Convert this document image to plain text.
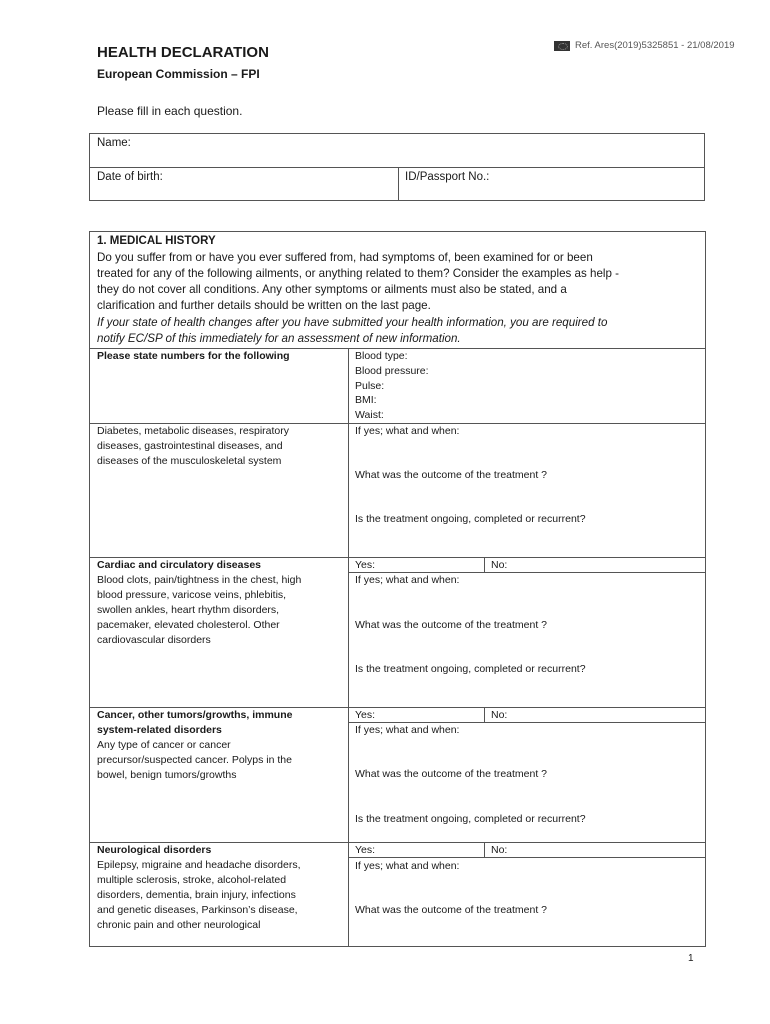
Ref. Ares(2019)5325851 - 21/08/2019
HEALTH DECLARATION
European Commission – FPI
Please fill in each question.
Name:
Date of birth:	ID/Passport No.:
1. MEDICAL HISTORY
Do you suffer from or have you ever suffered from, had symptoms of, been examined for or been
treated for any of the following ailments, or anything related to them? Consider the examples as help -
they do not cover all conditions. Any other symptoms or ailments must also be stated, and a
clarification and further details should be written on the last page.
If your state of health changes after you have submitted your health information, you are required to
notify EC/SP of this immediately for an assessment of new information.
Please state numbers for the following	Blood type:
Blood pressure:
Pulse:
BMI:
Waist:
Diabetes, metabolic diseases, respiratory
diseases, gastrointestinal diseases, and
diseases of the musculoskeletal system
If yes; what and when:
What was the outcome of the treatment ?
Is the treatment ongoing, completed or recurrent?
Cardiac and circulatory diseases
Blood clots, pain/tightness in the chest, high
blood pressure, varicose veins, phlebitis,
swollen ankles, heart rhythm disorders,
pacemaker, elevated cholesterol. Other
cardiovascular disorders
Yes:	No:
If yes; what and when:
What was the outcome of the treatment ?
Is the treatment ongoing, completed or recurrent?
Cancer, other tumors/growths, immune
system-related disorders
Any type of cancer or cancer
precursor/suspected cancer. Polyps in the
bowel, benign tumors/growths
Yes:	No:
If yes; what and when:
What was the outcome of the treatment ?
Is the treatment ongoing, completed or recurrent?
Neurological disorders
Epilepsy, migraine and headache disorders,
multiple sclerosis, stroke, alcohol-related
disorders, dementia, brain injury, infections
and genetic diseases, Parkinson’s disease,
chronic pain and other neurological
Yes:	No:
If yes; what and when:
What was the outcome of the treatment ?
1
